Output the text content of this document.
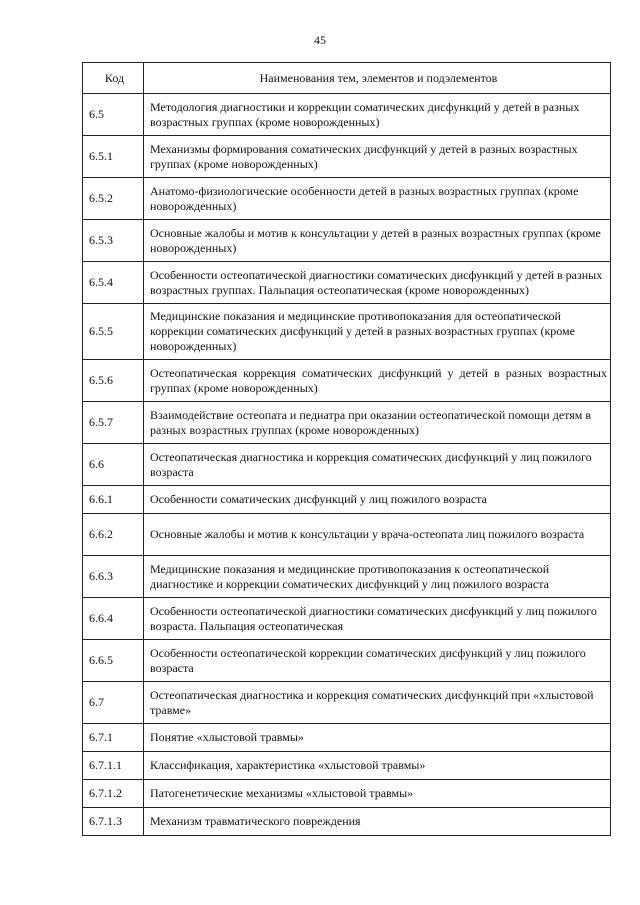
45
Код	Наименования тем, элементов и подэлементов
6.5	Методология диагностики и коррекции соматических дисфункций у детей в разных возрастных группах (кроме новорожденных)
6.5.1	Механизмы формирования соматических дисфункций у детей в разных возрастных группах (кроме новорожденных)
6.5.2	Анатомо-физиологические особенности детей в разных возрастных группах (кроме новорожденных)
6.5.3	Основные жалобы и мотив к консультации у детей в разных возрастных группах (кроме новорожденных)
6.5.4	Особенности остеопатической диагностики соматических дисфункций у детей в разных возрастных группах. Пальпация остеопатическая (кроме новорожденных)
6.5.5	Медицинские показания и медицинские противопоказания для остеопатической коррекции соматических дисфункций у детей в разных возрастных группах (кроме новорожденных)
6.5.6	Остеопатическая коррекция соматических дисфункций у детей в разных возрастных группах (кроме новорожденных)
6.5.7	Взаимодействие остеопата и педиатра при оказании остеопатической помощи детям в разных возрастных группах (кроме новорожденных)
6.6	Остеопатическая диагностика и коррекция соматических дисфункций у лиц пожилого возраста
6.6.1	Особенности соматических дисфункций у лиц пожилого возраста
6.6.2	Основные жалобы и мотив к консультации у врача-остеопата лиц пожилого возраста
6.6.3	Медицинские показания и медицинские противопоказания к остеопатической диагностике и коррекции соматических дисфункций у лиц пожилого возраста
6.6.4	Особенности остеопатической диагностики соматических дисфункций у лиц пожилого возраста. Пальпация остеопатическая
6.6.5	Особенности остеопатической коррекции соматических дисфункций у лиц пожилого возраста
6.7	Остеопатическая диагностика и коррекция соматических дисфункций при «хлыстовой травме»
6.7.1	Понятие «хлыстовой травмы»
6.7.1.1	Классификация, характеристика «хлыстовой травмы»
6.7.1.2	Патогенетические механизмы «хлыстовой травмы»
6.7.1.3	Механизм травматического повреждения
